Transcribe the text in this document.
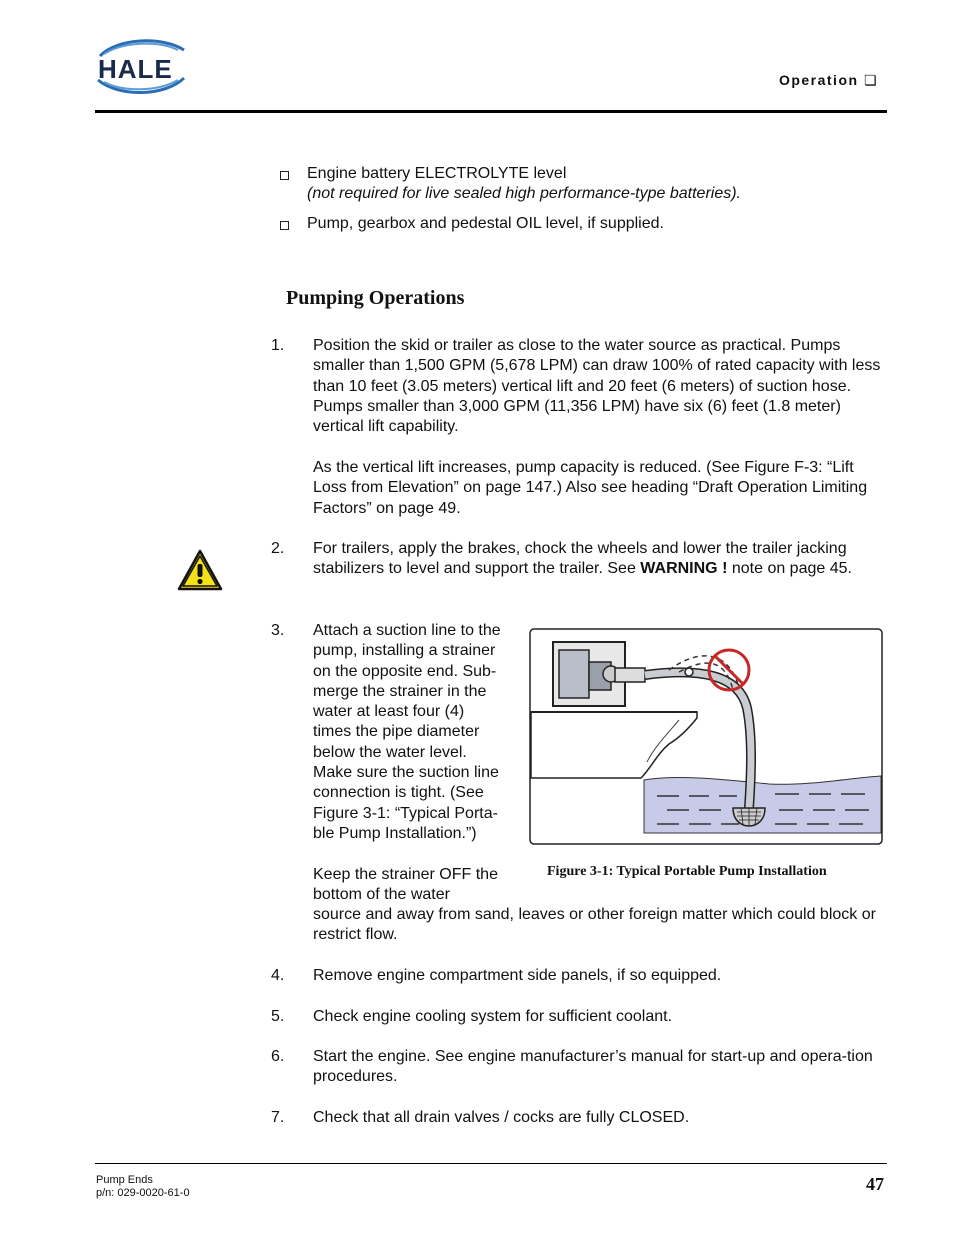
HALE	Operation ❏
Engine battery ELECTROLYTE level
(not required for live sealed high performance-type batteries).
Pump, gearbox and pedestal OIL level, if supplied.
Pumping Operations
1. Position the skid or trailer as close to the water source as practical. Pumps smaller than 1,500 GPM (5,678 LPM) can draw 100% of rated capacity with less than 10 feet (3.05 meters) vertical lift and 20 feet (6 meters) of suction hose. Pumps smaller than 3,000 GPM (11,356 LPM) have six (6) feet (1.8 meter) vertical lift capability.
As the vertical lift increases, pump capacity is reduced. (See Figure F-3: “Lift Loss from Elevation” on page 147.) Also see heading “Draft Operation Limiting Factors” on page 49.
2. For trailers, apply the brakes, chock the wheels and lower the trailer jacking stabilizers to level and support the trailer. See WARNING ! note on page 45.
3. Attach a suction line to the
pump, installing a strainer
on the opposite end. Sub-
merge the strainer in the
water at least four (4)
times the pipe diameter
below the water level.
Make sure the suction line
connection is tight. (See
Figure 3-1: “Typical Porta-
ble Pump Installation.”)
Keep the strainer OFF the
bottom of the water
source and away from sand, leaves or other foreign matter which could block or restrict flow.
Figure 3-1: Typical Portable Pump Installation
4. Remove engine compartment side panels, if so equipped.
5. Check engine cooling system for sufficient coolant.
6. Start the engine. See engine manufacturer’s manual for start-up and opera-tion procedures.
7. Check that all drain valves / cocks are fully CLOSED.
Pump Ends
p/n: 029-0020-61-0	47
